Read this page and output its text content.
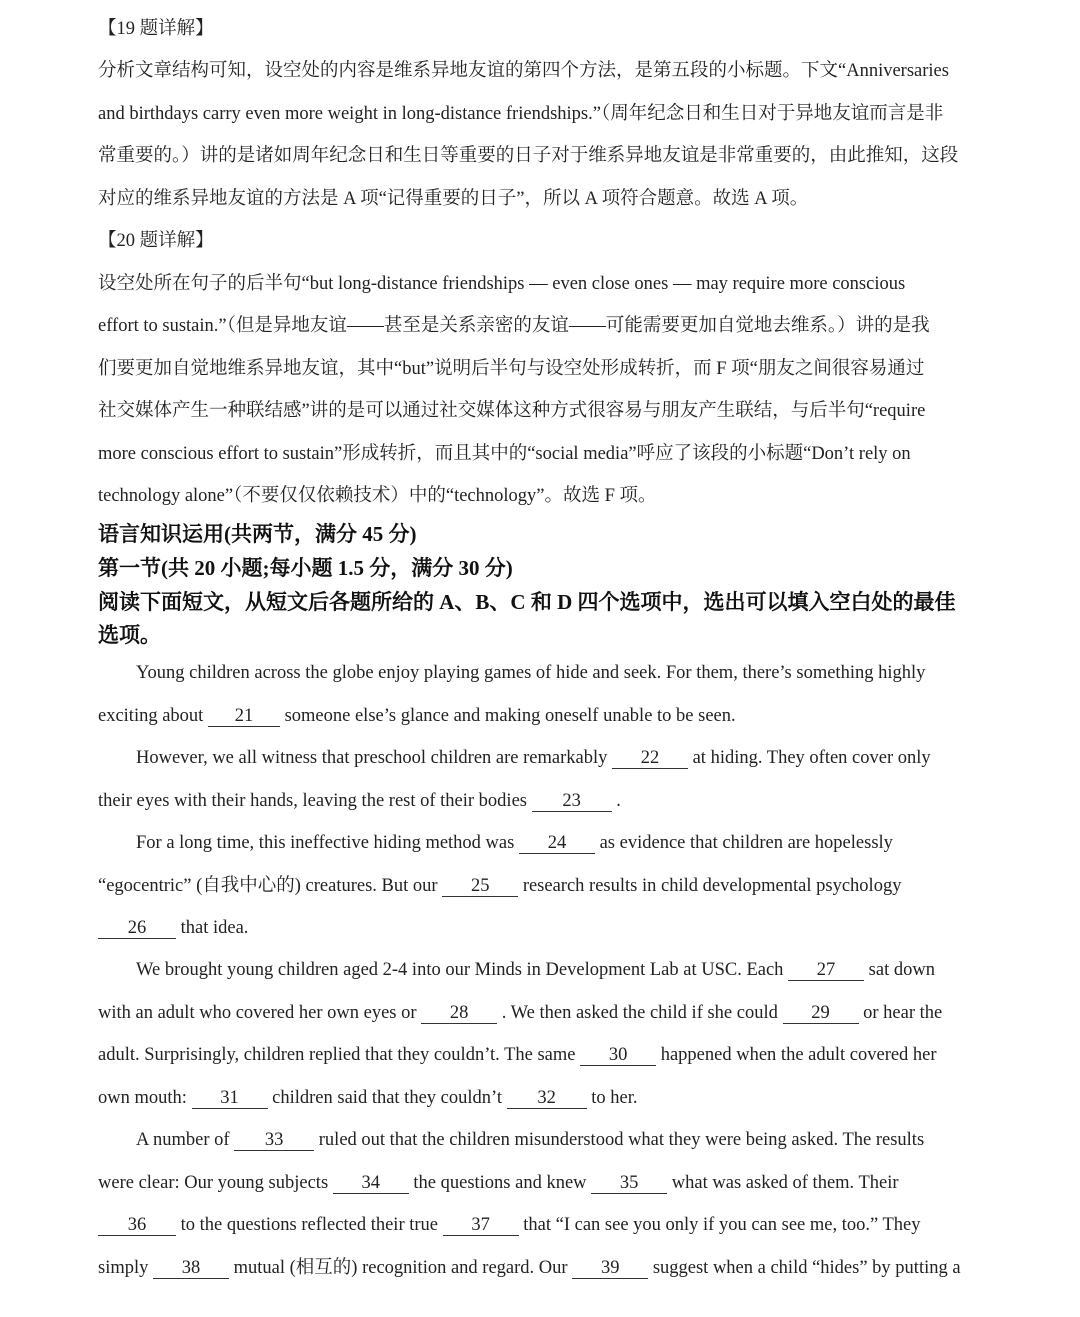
【19 题详解】
分析文章结构可知，设空处的内容是维系异地友谊的第四个方法，是第五段的小标题。下文“Anniversaries
and birthdays carry even more weight in long-distance friendships.”（周年纪念日和生日对于异地友谊而言是非
常重要的。）讲的是诸如周年纪念日和生日等重要的日子对于维系异地友谊是非常重要的，由此推知，这段
对应的维系异地友谊的方法是 A 项“记得重要的日子”，所以 A 项符合题意。故选 A 项。
【20 题详解】
设空处所在句子的后半句“but long-distance friendships — even close ones — may require more conscious
effort to sustain.”（但是异地友谊——甚至是关系亲密的友谊——可能需要更加自觉地去维系。）讲的是我
们要更加自觉地维系异地友谊，其中“but”说明后半句与设空处形成转折，而 F 项“朋友之间很容易通过
社交媒体产生一种联结感”讲的是可以通过社交媒体这种方式很容易与朋友产生联结，与后半句“require
more conscious effort to sustain”形成转折，而且其中的“social media”呼应了该段的小标题“Don’t rely on
technology alone”（不要仅仅依赖技术）中的“technology”。故选 F 项。
语言知识运用(共两节，满分 45 分)
第一节(共 20 小题;每小题 1.5 分，满分 30 分)
阅读下面短文，从短文后各题所给的 A、B、C 和 D 四个选项中，选出可以填入空白处的最佳
选项。
Young children across the globe enjoy playing games of hide and seek. For them, there’s something highly
exciting about 21 someone else’s glance and making oneself unable to be seen.
However, we all witness that preschool children are remarkably 22 at hiding. They often cover only
their eyes with their hands, leaving the rest of their bodies 23 .
For a long time, this ineffective hiding method was 24 as evidence that children are hopelessly
“egocentric” (自我中心的) creatures. But our 25 research results in child developmental psychology
26 that idea.
We brought young children aged 2-4 into our Minds in Development Lab at USC. Each 27 sat down
with an adult who covered her own eyes or 28 . We then asked the child if she could 29 or hear the
adult. Surprisingly, children replied that they couldn’t. The same 30 happened when the adult covered her
own mouth: 31 children said that they couldn’t 32 to her.
A number of 33 ruled out that the children misunderstood what they were being asked. The results
were clear: Our young subjects 34 the questions and knew 35 what was asked of them. Their
36 to the questions reflected their true 37 that “I can see you only if you can see me, too.” They
simply 38 mutual (相互的) recognition and regard. Our 39 suggest when a child “hides” by putting a
